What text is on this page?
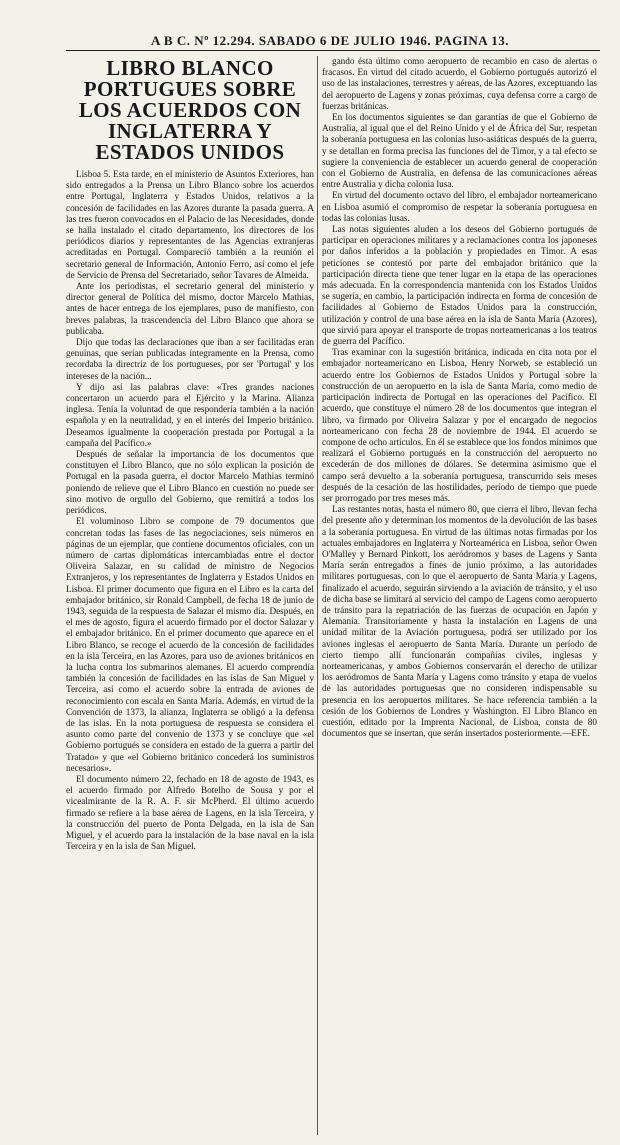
A B C. Nº 12.294. SABADO 6 DE JULIO 1946. PAGINA 13.
LIBRO BLANCO PORTUGUES SOBRE LOS ACUERDOS CON INGLATERRA Y ESTADOS UNIDOS

Lisboa 5. Esta tarde, en el ministerio de Asuntos Exteriores, han sido entregados a la Prensa un Libro Blanco sobre los acuerdos entre Portugal, Inglaterra y Estados Unidos, relativos a la concesión de facilidades en las Azores durante la pasada guerra. A las tres fueron convocados en el Palacio de las Necesidades, donde se halla instalado el citado departamento, los directores de los periódicos diarios y representantes de las Agencias extranjeras acreditadas en Portugal. Compareció también a la reunión el secretario general de Información, Antonio Ferro, así como el jefe de Servicio de Prensa del Secretariado, señor Tavares de Almeida.

Ante los periodistas, el secretario general del ministerio y director general de Política del mismo, doctor Marcelo Mathias, antes de hacer entrega de los ejemplares, puso de manifiesto, con breves palabras, la trascendencia del Libro Blanco que ahora se publicaba.

Dijo que todas las declaraciones que iban a ser facilitadas eran genuinas, que serían publicadas íntegramente en la Prensa, como recordaba la directriz de los portugueses, por ser 'Portugal' y los intereses de la nación...

Y dijo así las palabras clave: «Tres grandes naciones concertaron un acuerdo para el Ejército y la Marina. Alianza inglesa. Tenía la voluntad de que respondería también a la nación española y en la neutralidad, y en el interés del Imperio británico. Deseamos igualmente la cooperación prestada por Portugal a la campaña del Pacífico.»

Después de señalar la importancia de los documentos que constituyen el Libro Blanco, que no sólo explican la posición de Portugal en la pasada guerra, el doctor Marcelo Mathias terminó poniendo de relieve que el Libro Blanco en cuestión no puede ser sino motivo de orgullo del Gobierno, que remitirá a todos los periódicos.

El voluminoso Libro se compone de 79 documentos que concretan todas las fases de las negociaciones, seis números en páginas de un ejemplar, que contiene documentos oficiales, con un número de cartas diplomáticas intercambiadas entre el doctor Oliveira Salazar, en su calidad de ministro de Negocios Extranjeros, y los representantes de Inglaterra y Estados Unidos en Lisboa. El primer documento que figura en el Libro es la carta del embajador británico, sir Ronald Campbell, de fecha 18 de junio de 1943, seguida de la respuesta de Salazar el mismo día. Después, en el mes de agosto, figura el acuerdo firmado por el doctor Salazar y el embajador británico. En el primer documento que aparece en el Libro Blanco, se recoge el acuerdo de la concesión de facilidades en la isla Terceira, en las Azores, para uso de aviones británicos en la lucha contra los submarinos alemanes. El acuerdo comprendía también la concesión de facilidades en las islas de San Miguel y Terceira, así como el acuerdo sobre la entrada de aviones de reconocimiento con escala en Santa María. Además, en virtud de la Convención de 1373, la alianza, Inglaterra se obligó a la defensa de las islas. En la nota portuguesa de respuesta se considera el asunto como parte del convenio de 1373 y se concluye que «el Gobierno portugués se considera en estado de la guerra a partir del Tratado» y que «el Gobierno británico concederá los suministros necesarios».

El documento número 22, fechado en 18 de agosto de 1943, es el acuerdo firmado por Alfredo Botelho de Sousa y por el vicealmirante de la R. A. F. sir McPherd. El último acuerdo firmado se refiere a la base aérea de Lagens, en la isla Terceira, y la construcción del puerto de Ponta Delgada, en la isla de San Miguel, y el acuerdo para la instalación de la base naval en la isla Terceira y en la isla de San Miguel.

gando ésta último como aeropuerto de recambio en caso de alertas o fracasos. En virtud del citado acuerdo, el Gobierno portugués autorizó el uso de las instalaciones, terrestres y aéreas, de las Azores, exceptuando las del aeropuerto de Lagens y zonas próximas, cuya defensa corre a cargo de fuerzas británicas.

En los documentos siguientes se dan garantías de que el Gobierno de Australia, al igual que el del Reino Unido y el de África del Sur, respetan la soberanía portuguesa en las colonias luso-asiáticas después de la guerra, y se detallan en forma precisa las funciones del de Timor, y a tal efecto se sugiere la conveniencia de establecer un acuerdo general de cooperación con el Gobierno de Australia, en defensa de las comunicaciones aéreas entre Australia y dicha colonia lusa.

En virtud del documento octavo del libro, el embajador norteamericano en Lisboa asumió el compromiso de respetar la soberanía portuguesa en todas las colonias lusas.

Las notas siguientes aluden a los deseos del Gobierno portugués de participar en operaciones militares y a reclamaciones contra los japoneses por daños inferidos a la población y propiedades en Timor. A esas peticiones se contestó por parte del embajador británico que la participación directa tiene que tener lugar en la etapa de las operaciones más adecuada. En la correspondencia mantenida con los Estados Unidos se sugería, en cambio, la participación indirecta en forma de concesión de facilidades al Gobierno de Estados Unidos para la construcción, utilización y control de una base aérea en la isla de Santa María (Azores), que sirvió para apoyar el transporte de tropas norteamericanas a los teatros de guerra del Pacífico.

Tras examinar con la sugestión británica, indicada en cita nota por el embajador norteamericano en Lisboa, Henry Norweb, se estableció un acuerdo entre los Gobiernos de Estados Unidos y Portugal sobre la construcción de un aeropuerto en la isla de Santa María, como medio de participación indirecta de Portugal en las operaciones del Pacífico. El acuerdo, que constituye el número 28 de los documentos que integran el libro, va firmado por Oliveira Salazar y por el encargado de negocios norteamericano con fecha 28 de noviembre de 1944. El acuerdo se compone de ocho artículos. En él se establece que los fondos mínimos que realizará el Gobierno portugués en la construcción del aeropuerto no excederán de dos millones de dólares. Se determina asimismo que el campo será devuelto a la soberanía portuguesa, transcurrido seis meses después de la cesación de las hostilidades, período de tiempo que puede ser prorrogado por tres meses más.

Las restantes notas, hasta el número 80, que cierra el libro, llevan fecha del presente año y determinan los momentos de la devolución de las bases a la soberanía portuguesa. En virtud de las últimas notas firmadas por los actuales embajadores en Inglaterra y Norteamérica en Lisboa, señor Owen O'Malley y Bernard Pinkott, los aeródromos y bases de Lagens y Santa María serán entregados a fines de junio próximo, a las autoridades militares portuguesas, con lo que el aeropuerto de Santa María y Lagens, finalizado el acuerdo, seguirán sirviendo a la aviación de tránsito, y el uso de dicha base se limitará al servicio del campo de Lagens como aeropuerto de tránsito para la repatriación de las fuerzas de ocupación en Japón y Alemania. Transitoriamente y hasta la instalación en Lagens de una unidad militar de la Aviación portuguesa, podrá ser utilizado por los aviones inglesas el aeropuerto de Santa María. Durante un período de cierto tiempo allí funcionarán compañías civiles, inglesas y norteamericanas, y ambos Gobiernos conservarán el derecho de utilizar los aeródromos de Santa María y Lagens como tránsito y etapa de vuelos de las autoridades portuguesas que no consideren indispensable su presencia en los aeropuertos militares. Se hace referencia también a la cesión de los Gobiernos de Londres y Washington. El Libro Blanco en cuestión, editado por la Imprenta Nacional, de Lisboa, consta de 80 documentos que se insertan, que serán insertados posteriormente.—EFE.
